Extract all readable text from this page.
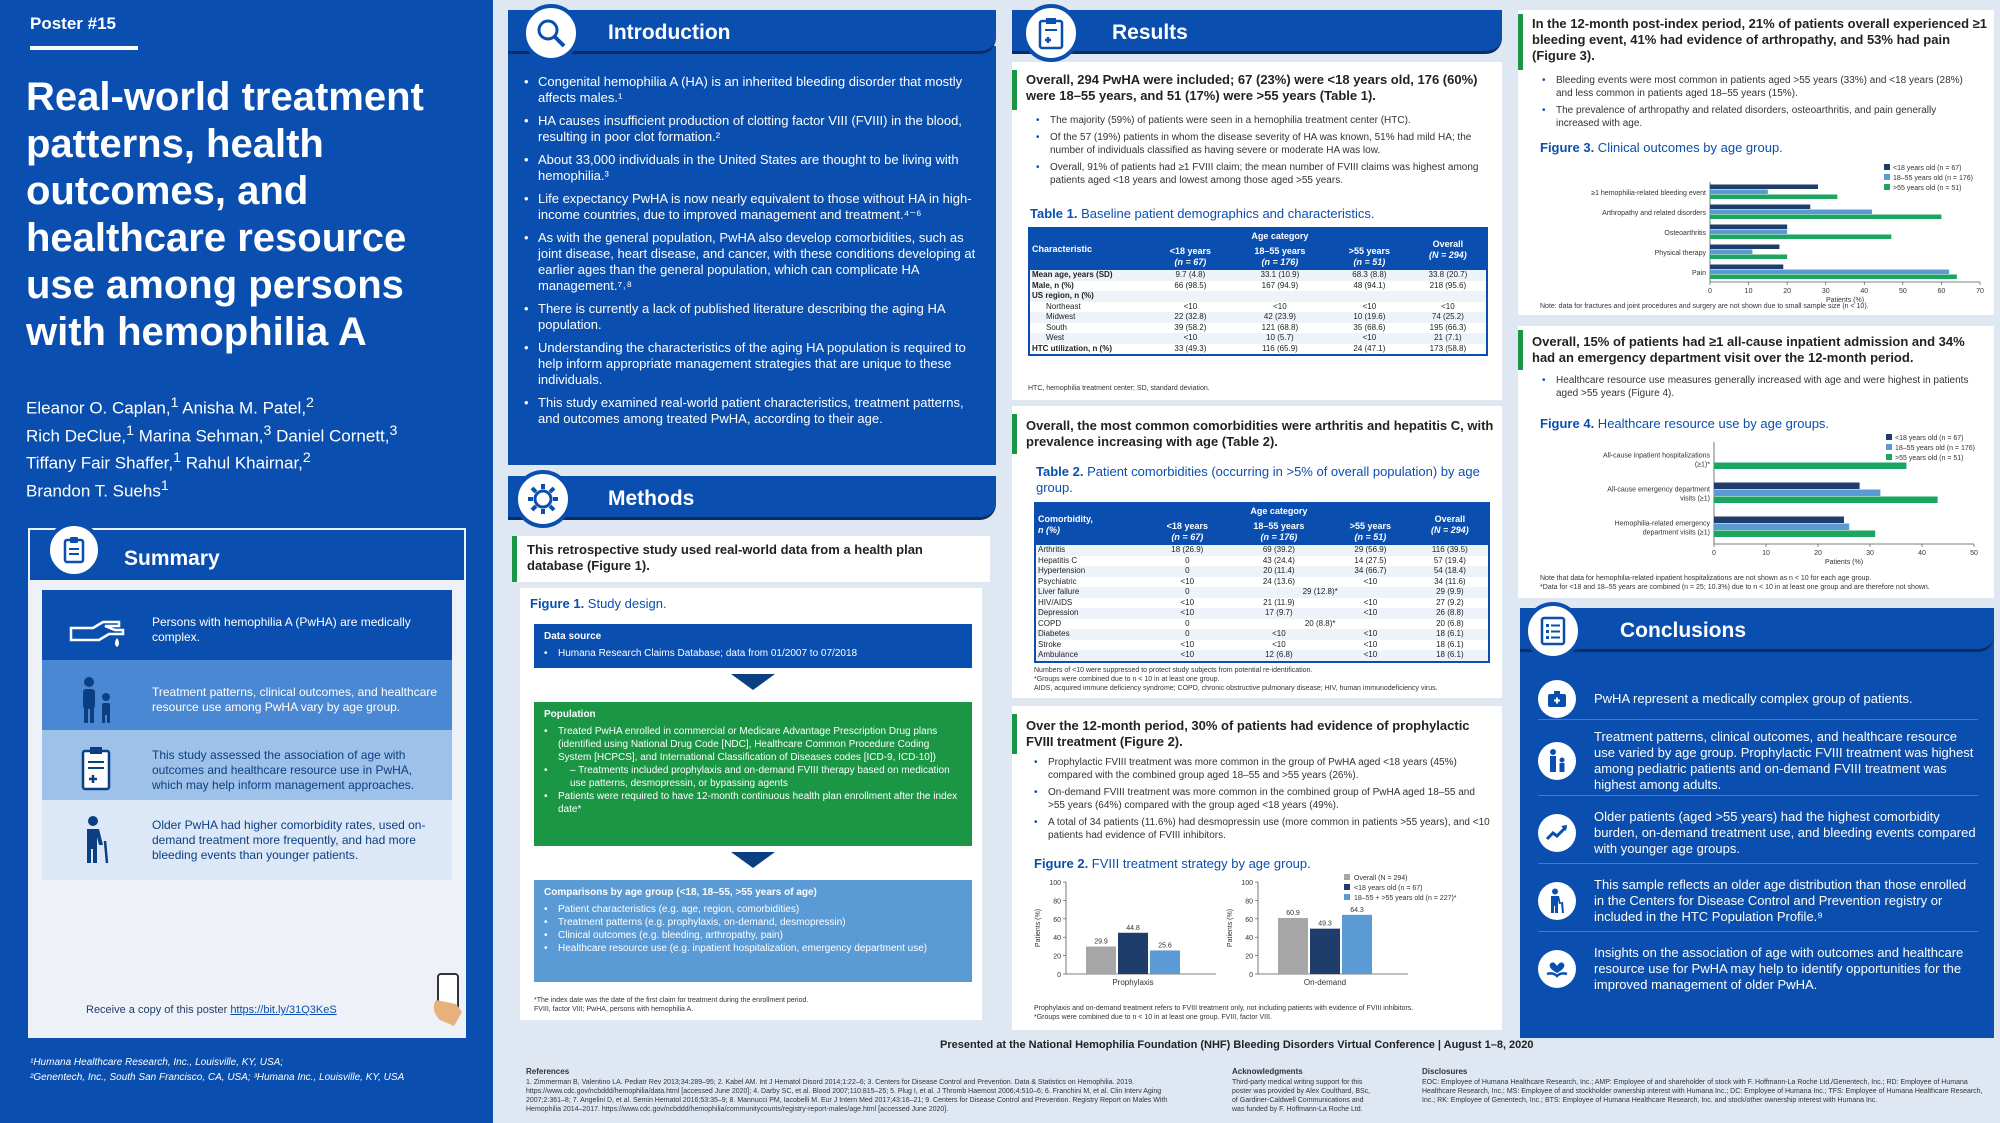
Poster #15
Real-world treatment patterns, health outcomes, and healthcare resource use among persons with hemophilia A

Eleanor O. Caplan,$^1$ Anisha M. Patel,$^2$

Rich DeClue,$^1$ Marina Sehman,$^3$ Daniel Cornett,$^3$

Tiffany Fair Shaffer,$^1$ Rahul Khairnar,$^2$

Brandon T. Suehs$^1$

Summary
Persons with hemophilia A (PwHA) are medically complex.
Treatment patterns, clinical outcomes, and healthcare resource use among PwHA vary by age group.
This study assessed the association of age with outcomes and healthcare resource use in PwHA, which may help inform management approaches.
Older PwHA had higher comorbidity rates, used on-demand treatment more frequently, and had more bleeding events than younger patients.
Receive a copy of this poster https://bit.ly/31Q3KeS
¹Humana Healthcare Research, Inc., Louisville, KY, USA;
²Genentech, Inc., South San Francisco, CA, USA; ³Humana Inc., Louisville, KY, USA
• Congenital hemophilia A (HA) is an inherited bleeding disorder that mostly affects males.¹
• HA causes insufficient production of clotting factor VIII (FVIII) in the blood, resulting in poor clot formation.²
• About 33,000 individuals in the United States are thought to be living with hemophilia.³
• Life expectancy PwHA is now nearly equivalent to those without HA in high-income countries, due to improved management and treatment.⁴⁻⁶
• As with the general population, PwHA also develop comorbidities, such as joint disease, heart disease, and cancer, with these conditions developing at earlier ages than the general population, which can complicate HA management.⁷˒⁸
• There is currently a lack of published literature describing the aging HA population.
• Understanding the characteristics of the aging HA population is required to help inform appropriate management strategies that are unique to these individuals.
• This study examined real-world patient characteristics, treatment patterns, and outcomes among treated PwHA, according to their age.
Introduction
Methods
This retrospective study used real-world data from a health plan database (Figure 1).
Figure 1. Study design.
Data source
• Humana Research Claims Database; data from 01/2007 to 07/2018
Population
• Treated PwHA enrolled in commercial or Medicare Advantage Prescription Drug plans (identified using National Drug Code [NDC], Healthcare Common Procedure Coding System [HCPCS], and International Classification of Diseases codes [ICD-9, ICD-10])
• – Treatments included prophylaxis and on-demand FVIII therapy based on medication use patterns, desmopressin, or bypassing agents
• Patients were required to have 12-month continuous health plan enrollment after the index date*
Comparisons by age group (<18, 18–55, >55 years of age)
• Patient characteristics (e.g. age, region, comorbidities)
• Treatment patterns (e.g. prophylaxis, on-demand, desmopressin)
• Clinical outcomes (e.g. bleeding, arthropathy, pain)
• Healthcare resource use (e.g. inpatient hospitalization, emergency department use)
*The index date was the date of the first claim for treatment during the enrollment period.
FVIII, factor VIII; PwHA, persons with hemophilia A.
Results
Overall, 294 PwHA were included; 67 (23%) were <18 years old, 176 (60%) were 18–55 years, and 51 (17%) were >55 years (Table 1).
• The majority (59%) of patients were seen in a hemophilia treatment center (HTC).
• Of the 57 (19%) patients in whom the disease severity of HA was known, 51% had mild HA; the number of individuals classified as having severe or moderate HA was low.
• Overall, 91% of patients had ≥1 FVIII claim; the mean number of FVIII claims was highest among patients aged <18 years and lowest among those aged >55 years.
Table 1. Baseline patient demographics and characteristics.
Characteristic	Age category			Overall
(N = 294)
	<18 years
(n = 67)	18–55 years
(n = 176)	>55 years
(n = 51)	
Mean age, years (SD)	9.7 (4.8)	33.1 (10.9)	68.3 (8.8)	33.8 (20.7)
Male, n (%)	66 (98.5)	167 (94.9)	48 (94.1)	218 (95.6)
US region, n (%)				
Northeast	<10	<10	<10	<10
Midwest	22 (32.8)	42 (23.9)	10 (19.6)	74 (25.2)
South	39 (58.2)	121 (68.8)	35 (68.6)	195 (66.3)
West	<10	10 (5.7)	<10	21 (7.1)
HTC utilization, n (%)	33 (49.3)	116 (65.9)	24 (47.1)	173 (58.8)
HTC, hemophilia treatment center; SD, standard deviation.
Overall, the most common comorbidities were arthritis and hepatitis C, with prevalence increasing with age (Table 2).
Table 2. Patient comorbidities (occurring in >5% of overall population) by age group.
Comorbidity,
n (%)	Age category			Overall
(N = 294)
	<18 years
(n = 67)	18–55 years
(n = 176)	>55 years
(n = 51)	
Arthritis	18 (26.9)	69 (39.2)	29 (56.9)	116 (39.5)
Hepatitis C	0	43 (24.4)	14 (27.5)	57 (19.4)
Hypertension	0	20 (11.4)	34 (66.7)	54 (18.4)
Psychiatric	<10	24 (13.6)	<10	34 (11.6)
Liver failure	0	29 (12.8)*		29 (9.9)
HIV/AIDS	<10	21 (11.9)	<10	27 (9.2)
Depression	<10	17 (9.7)	<10	26 (8.8)
COPD	0	20 (8.8)*		20 (6.8)
Diabetes	0	<10	<10	18 (6.1)
Stroke	<10	<10	<10	18 (6.1)
Ambulance	<10	12 (6.8)	<10	18 (6.1)
Numbers of <10 were suppressed to protect study subjects from potential re-identification.
*Groups were combined due to n < 10 in at least one group.
AIDS, acquired immune deficiency syndrome; COPD, chronic obstructive pulmonary disease; HIV, human immunodeficiency virus.
Over the 12-month period, 30% of patients had evidence of prophylactic FVIII treatment (Figure 2).
• Prophylactic FVIII treatment was more common in the group of PwHA aged <18 years (45%) compared with the combined group aged 18–55 and >55 years (26%).
• On-demand FVIII treatment was more common in the combined group of PwHA aged 18–55 and >55 years (64%) compared with the group aged <18 years (49%).
• A total of 34 patients (11.6%) had desmopressin use (more common in patients >55 years), and <10 patients had evidence of FVIII inhibitors.
Figure 2. FVIII treatment strategy by age group.
0
20
40
60
80
100
Patients (%)	29.9
44.8
25.6
Prophylaxis
0
20
40
60
80
100
Patients (%)	60.9
49.3
64.3
On-demand
Overall (N = 294)
<18 years old (n = 67)
18–55 + >55 years old (n = 227)*
Prophylaxis and on-demand treatment refers to FVIII treatment only, not including patients with evidence of FVIII inhibitors.
*Groups were combined due to n < 10 in at least one group. FVIII, factor VIII.
In the 12-month post-index period, 21% of patients overall experienced ≥1 bleeding event, 41% had evidence of arthropathy, and 53% had pain (Figure 3).
• Bleeding events were most common in patients aged >55 years (33%) and <18 years (28%) and less common in patients aged 18–55 years (15%).
• The prevalence of arthropathy and related disorders, osteoarthritis, and pain generally increased with age.
Figure 3. Clinical outcomes by age group.
0	10	20	30	40	50	60	70
Patients (%)
≥1 hemophilia-related bleeding event
Arthropathy and related disorders
Osteoarthritis
Physical therapy
Pain
<18 years old (n = 67)
18–55 years old (n = 176)
>55 years old (n = 51)
Note: data for fractures and joint procedures and surgery are not shown due to small sample size (n < 10).
Overall, 15% of patients had ≥1 all-cause inpatient admission and 34% had an emergency department visit over the 12-month period.
• Healthcare resource use measures generally increased with age and were highest in patients aged >55 years (Figure 4).
Figure 4. Healthcare resource use by age groups.
0	10	20	30	40	50
Patients (%)
All-cause inpatient hospitalizations
(≥1)*
All-cause emergency department
visits (≥1)
Hemophilia-related emergency
department visits (≥1)
<18 years old (n = 67)
18–55 years old (n = 176)
>55 years old (n = 51)
Note that data for hemophilia-related inpatient hospitalizations are not shown as n < 10 for each age group.
*Data for <18 and 18–55 years are combined (n = 25; 10.3%) due to n < 10 in at least one group and are therefore not shown.
PwHA represent a medically complex group of patients.
Treatment patterns, clinical outcomes, and healthcare resource use varied by age group. Prophylactic FVIII treatment was highest among pediatric patients and on-demand FVIII treatment was highest among adults.
Older patients (aged >55 years) had the highest comorbidity burden, on-demand treatment use, and bleeding events compared with younger age groups.
This sample reflects an older age distribution than those enrolled in the Centers for Disease Control and Prevention registry or included in the HTC Population Profile.⁹
Insights on the association of age with outcomes and healthcare resource use for PwHA may help to identify opportunities for the improved management of older PwHA.
Conclusions
Presented at the National Hemophilia Foundation (NHF) Bleeding Disorders Virtual Conference | August 1–8, 2020
References
1. Zimmerman B, Valentino LA. Pediatr Rev 2013;34:289–95; 2. Kabel AM. Int J Hematol Disord 2014;1:22–6; 3. Centers for Disease Control and Prevention. Data & Statistics on Hemophilia. 2019. https://www.cdc.gov/ncbddd/hemophilia/data.html [accessed June 2020]; 4. Darby SC, et al. Blood 2007;110:815–25; 5. Plug I, et al. J Thromb Haemost 2006;4:510–6; 6. Franchini M, et al. Clin Interv Aging 2007;2:361–8; 7. Angelini D, et al. Semin Hematol 2016;53:35–9; 8. Mannucci PM, Iacobelli M. Eur J Intern Med 2017;43:16–21; 9. Centers for Disease Control and Prevention. Registry Report on Males With Hemophilia 2014–2017. https://www.cdc.gov/ncbddd/hemophilia/communitycounts/registry-report-males/age.html [accessed June 2020].
Acknowledgments
Third-party medical writing support for this poster was provided by Alex Coulthard, BSc, of Gardiner-Caldwell Communications and was funded by F. Hoffmann-La Roche Ltd.
Disclosures
EOC: Employee of Humana Healthcare Research, Inc.; AMP: Employee of and shareholder of stock with F. Hoffmann-La Roche Ltd./Genentech, Inc.; RD: Employee of Humana Healthcare Research, Inc.; MS: Employee of and stockholder ownership interest with Humana Inc.; DC: Employee of Humana Inc.; TFS: Employee of Humana Healthcare Research, Inc.; RK: Employee of Genentech, Inc.; BTS: Employee of Humana Healthcare Research, Inc. and stock/other ownership interest with Humana Inc.
